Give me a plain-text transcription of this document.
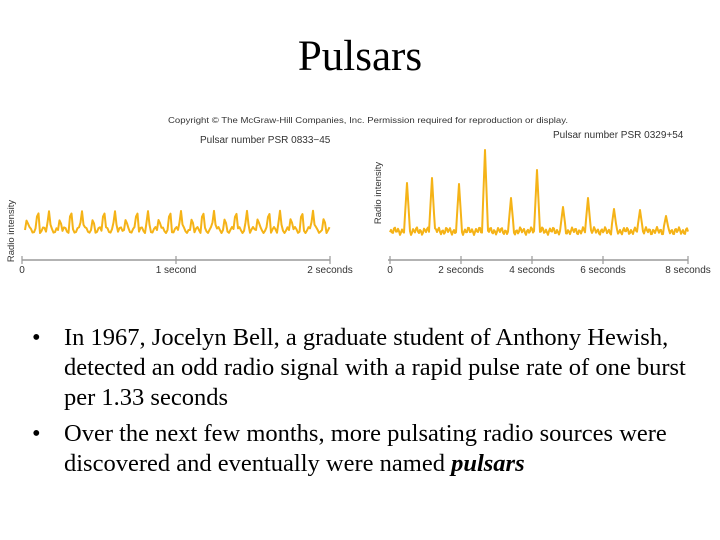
Pulsars
Copyright © The McGraw-Hill Companies, Inc. Permission required for reproduction or display.
Pulsar number PSR 0833−45
Radio intensity
0	1 second	2 seconds
Pulsar number PSR 0329+54
Radio intensity
0	2 seconds	4 seconds	6 seconds	8 seconds
• In 1967, Jocelyn Bell, a graduate student of Anthony Hewish, detected an odd radio signal with a rapid pulse rate of one burst per 1.33 seconds
• Over the next few months, more pulsating radio sources were discovered and eventually were named pulsars
